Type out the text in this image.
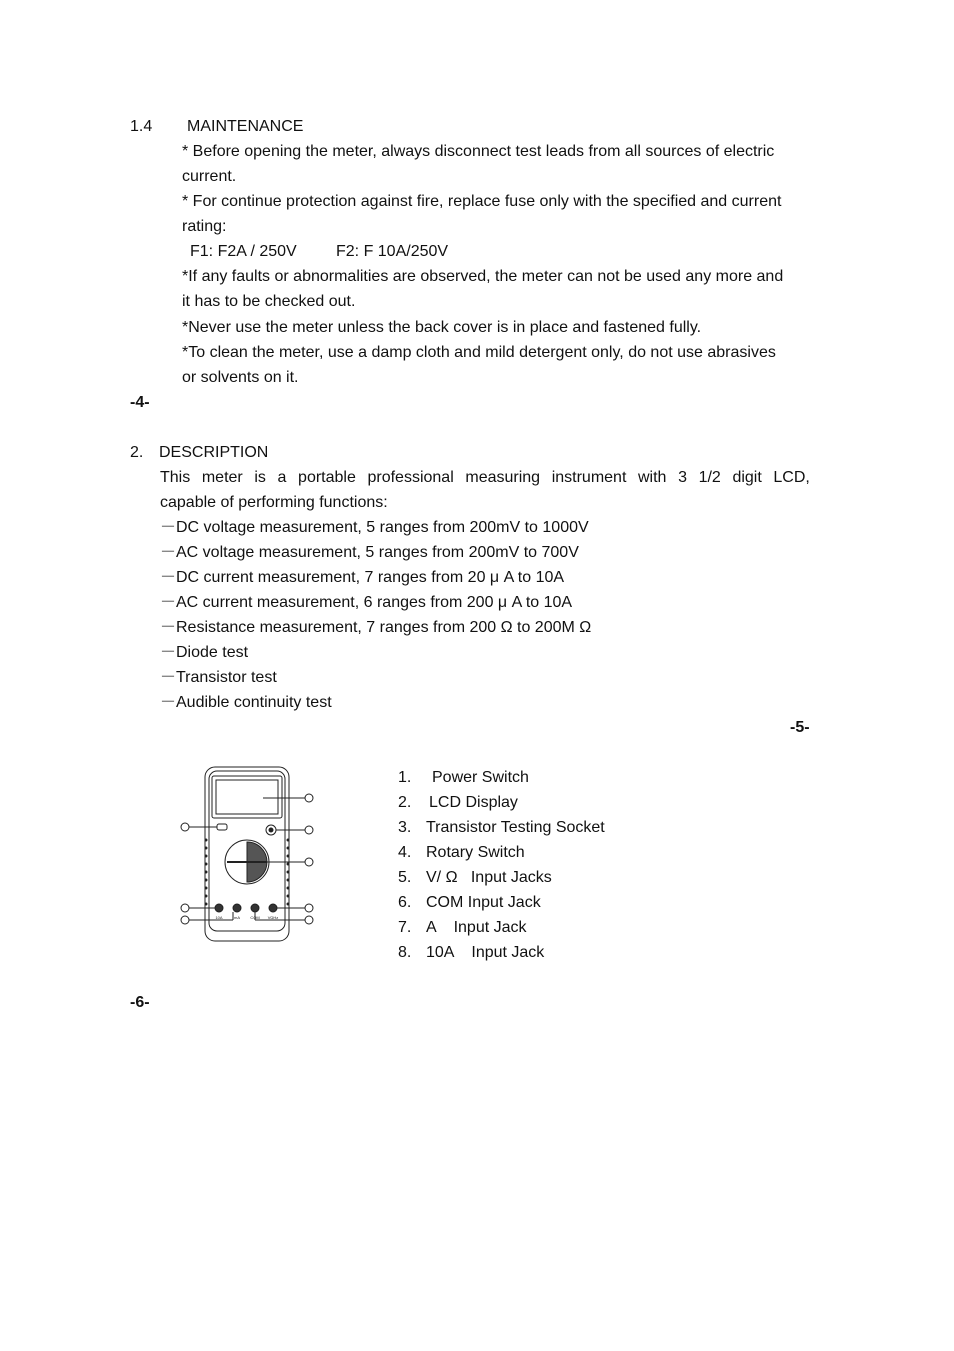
1.4 MAINTENANCE
* Before opening the meter, always disconnect test leads from all sources of electric
current.
* For continue protection against fire, replace fuse only with the specified and current
rating:
F1: F2A / 250V F2: F 10A/250V
*If any faults or abnormalities are observed, the meter can not be used any more and
it has to be checked out.
*Never use the meter unless the back cover is in place and fastened fully.
*To clean the meter, use a damp cloth and mild detergent only, do not use abrasives
or solvents on it.
-4-
2. DESCRIPTION
This meter is a portable professional measuring instrument with 3 1/2 digit LCD,
capable of performing functions:
－DC voltage measurement, 5 ranges from 200mV to 1000V
－AC voltage measurement, 5 ranges from 200mV to 700V
－DC current measurement, 7 ranges from 20 μ A to 10A
－AC current measurement, 6 ranges from 200 μ A to 10A
－Resistance measurement, 7 ranges from 200 Ω to 200M Ω
－Diode test
－Transistor test
－Audible continuity test
-5-
10A	mA	COM VΩHz
1. Power Switch
2. LCD Display
3. Transistor Testing Socket
4. Rotary Switch
5. V/ Ω   Input Jacks
6. COM Input Jack
7. A    Input Jack
8. 10A    Input Jack
-6-
